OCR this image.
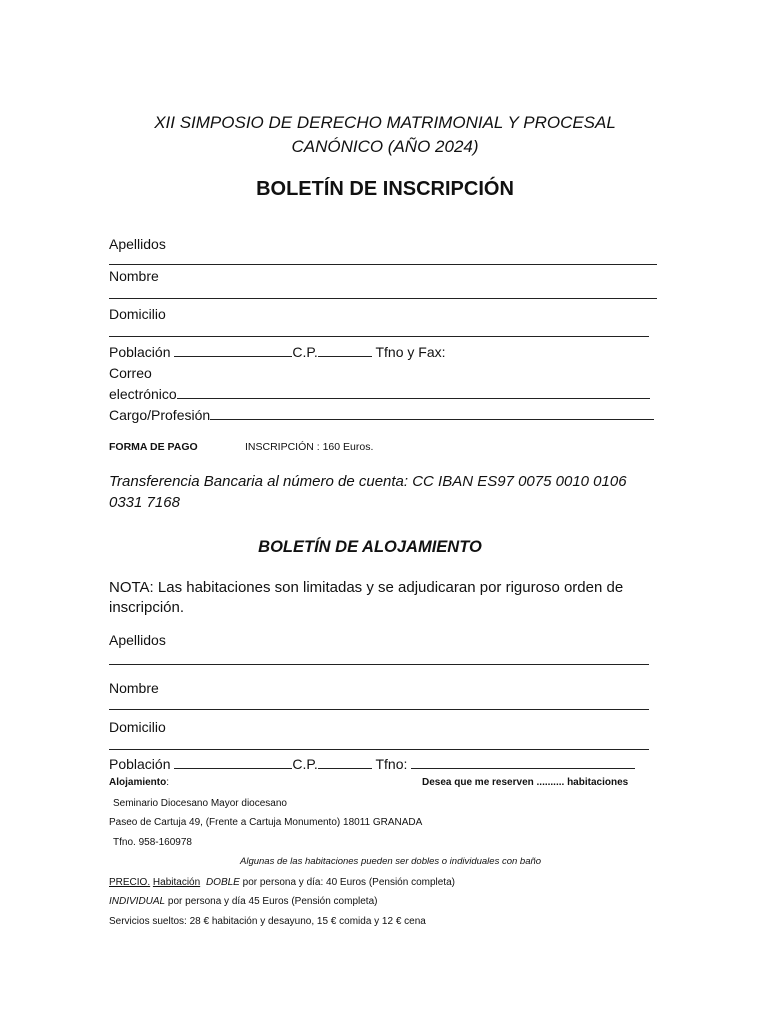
XII SIMPOSIO DE DERECHO MATRIMONIAL Y PROCESAL
CANÓNICO (AÑO 2024)
BOLETÍN DE INSCRIPCIÓN
Apellidos
Nombre
Domicilio
Población	C.P.	Tfno y Fax:
Correo
electrónico
Cargo/Profesión
FORMA DE PAGO	INSCRIPCIÓN : 160 Euros.
Transferencia Bancaria al número de cuenta: CC IBAN ES97 0075 0010 0106
0331 7168
BOLETÍN DE ALOJAMIENTO
NOTA: Las habitaciones son limitadas y se adjudicaran por riguroso orden de
inscripción.
Apellidos
Nombre
Domicilio
Población	C.P.	Tfno:
Alojamiento:	Desea que me reserven .......... habitaciones
Seminario Diocesano Mayor diocesano
Paseo de Cartuja 49, (Frente a Cartuja Monumento) 18011 GRANADA
Tfno. 958-160978
Algunas de las habitaciones pueden ser dobles o individuales con baño
PRECIO. Habitación DOBLE por persona y día: 40 Euros (Pensión completa)
INDIVIDUAL por persona y día 45 Euros (Pensión completa)
Servicios sueltos: 28 € habitación y desayuno, 15 € comida y 12 € cena
